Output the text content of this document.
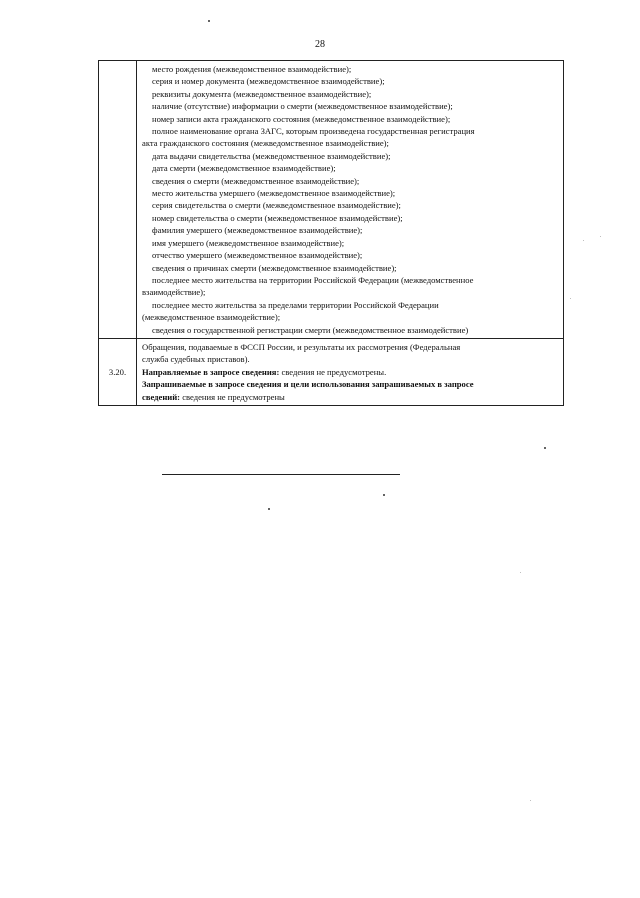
28
место рождения (межведомственное взаимодействие);
серия и номер документа (межведомственное взаимодействие);
реквизиты документа (межведомственное взаимодействие);
наличие (отсутствие) информации о смерти (межведомственное взаимодействие);
номер записи акта гражданского состояния (межведомственное взаимодействие);
полное наименование органа ЗАГС, которым произведена государственная регистрация
акта гражданского состояния (межведомственное взаимодействие);
дата выдачи свидетельства (межведомственное взаимодействие);
дата смерти (межведомственное взаимодействие);
сведения о смерти (межведомственное взаимодействие);
место жительства умершего (межведомственное взаимодействие);
серия свидетельства о смерти (межведомственное взаимодействие);
номер свидетельства о смерти (межведомственное взаимодействие);
фамилия умершего (межведомственное взаимодействие);
имя умершего (межведомственное взаимодействие);
отчество умершего (межведомственное взаимодействие);
сведения о причинах смерти (межведомственное взаимодействие);
последнее место жительства на территории Российской Федерации (межведомственное
взаимодействие);
последнее место жительства за пределами территории Российской Федерации
(межведомственное взаимодействие);
сведения о государственной регистрации смерти (межведомственное взаимодействие)
3.20.
Обращения, подаваемые в ФССП России, и результаты их рассмотрения (Федеральная
служба судебных приставов).
Направляемые в запросе сведения: сведения не предусмотрены.
Запрашиваемые в запросе сведения и цели использования запрашиваемых в запросе
сведений: сведения не предусмотрены
